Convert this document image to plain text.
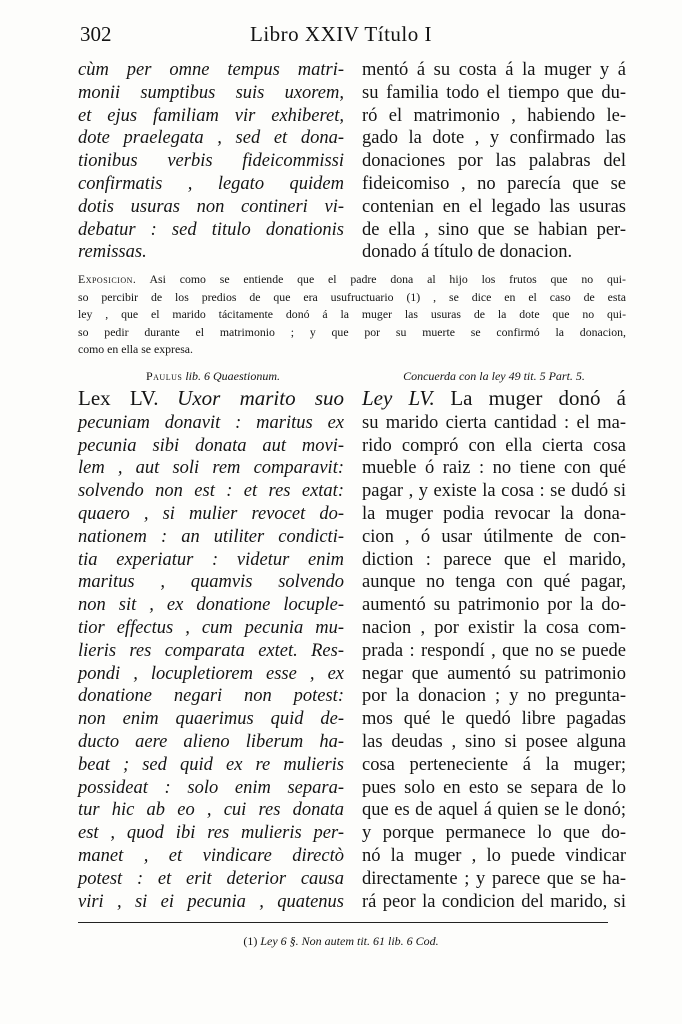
302	Libro XXIV Título I
cùm per omne tempus matri-
monii sumptibus suis uxorem,
et ejus familiam vir exhiberet,
dote praelegata , sed et dona-
tionibus verbis fideicommissi
confirmatis , legato quidem
dotis usuras non contineri vi-
debatur : sed titulo donationis
remissas.
mentó á su costa á la muger y á
su familia todo el tiempo que du-
ró el matrimonio , habiendo le-
gado la dote , y confirmado las
donaciones por las palabras del
fideicomiso , no parecía que se
contenian en el legado las usuras
de ella , sino que se habian per-
donado á título de donacion.
Exposicion. Asi como se entiende que el padre dona al hijo los frutos que no qui-
so percibir de los predios de que era usufructuario (1) , se dice en el caso de esta
ley , que el marido tácitamente donó á la muger las usuras de la dote que no qui-
so pedir durante el matrimonio ; y que por su muerte se confirmó la donacion,
como en ella se expresa.
Paulus lib. 6 Quaestionum.	Concuerda con la ley 49 tit. 5 Part. 5.
Lex LV. Uxor marito suo
pecuniam donavit : maritus ex
pecunia sibi donata aut movi-
lem , aut soli rem comparavit:
solvendo non est : et res extat:
quaero , si mulier revocet do-
nationem : an utiliter condicti-
tia experiatur : videtur enim
maritus , quamvis solvendo
non sit , ex donatione locuple-
tior effectus , cum pecunia mu-
lieris res comparata extet. Res-
pondi , locupletiorem esse , ex
donatione negari non potest:
non enim quaerimus quid de-
ducto aere alieno liberum ha-
beat ; sed quid ex re mulieris
possideat : solo enim separa-
tur hic ab eo , cui res donata
est , quod ibi res mulieris per-
manet , et vindicare directò
potest : et erit deterior causa
viri , si ei pecunia , quatenus
Ley LV. La muger donó á
su marido cierta cantidad : el ma-
rido compró con ella cierta cosa
mueble ó raiz : no tiene con qué
pagar , y existe la cosa : se dudó si
la muger podia revocar la dona-
cion , ó usar útilmente de con-
diction : parece que el marido,
aunque no tenga con qué pagar,
aumentó su patrimonio por la do-
nacion , por existir la cosa com-
prada : respondí , que no se puede
negar que aumentó su patrimonio
por la donacion ; y no pregunta-
mos qué le quedó libre pagadas
las deudas , sino si posee alguna
cosa perteneciente á la muger;
pues solo en esto se separa de lo
que es de aquel á quien se le donó;
y porque permanece lo que do-
nó la muger , lo puede vindicar
directamente ; y parece que se ha-
rá peor la condicion del marido, si
(1) Ley 6 §. Non autem tit. 61 lib. 6 Cod.
